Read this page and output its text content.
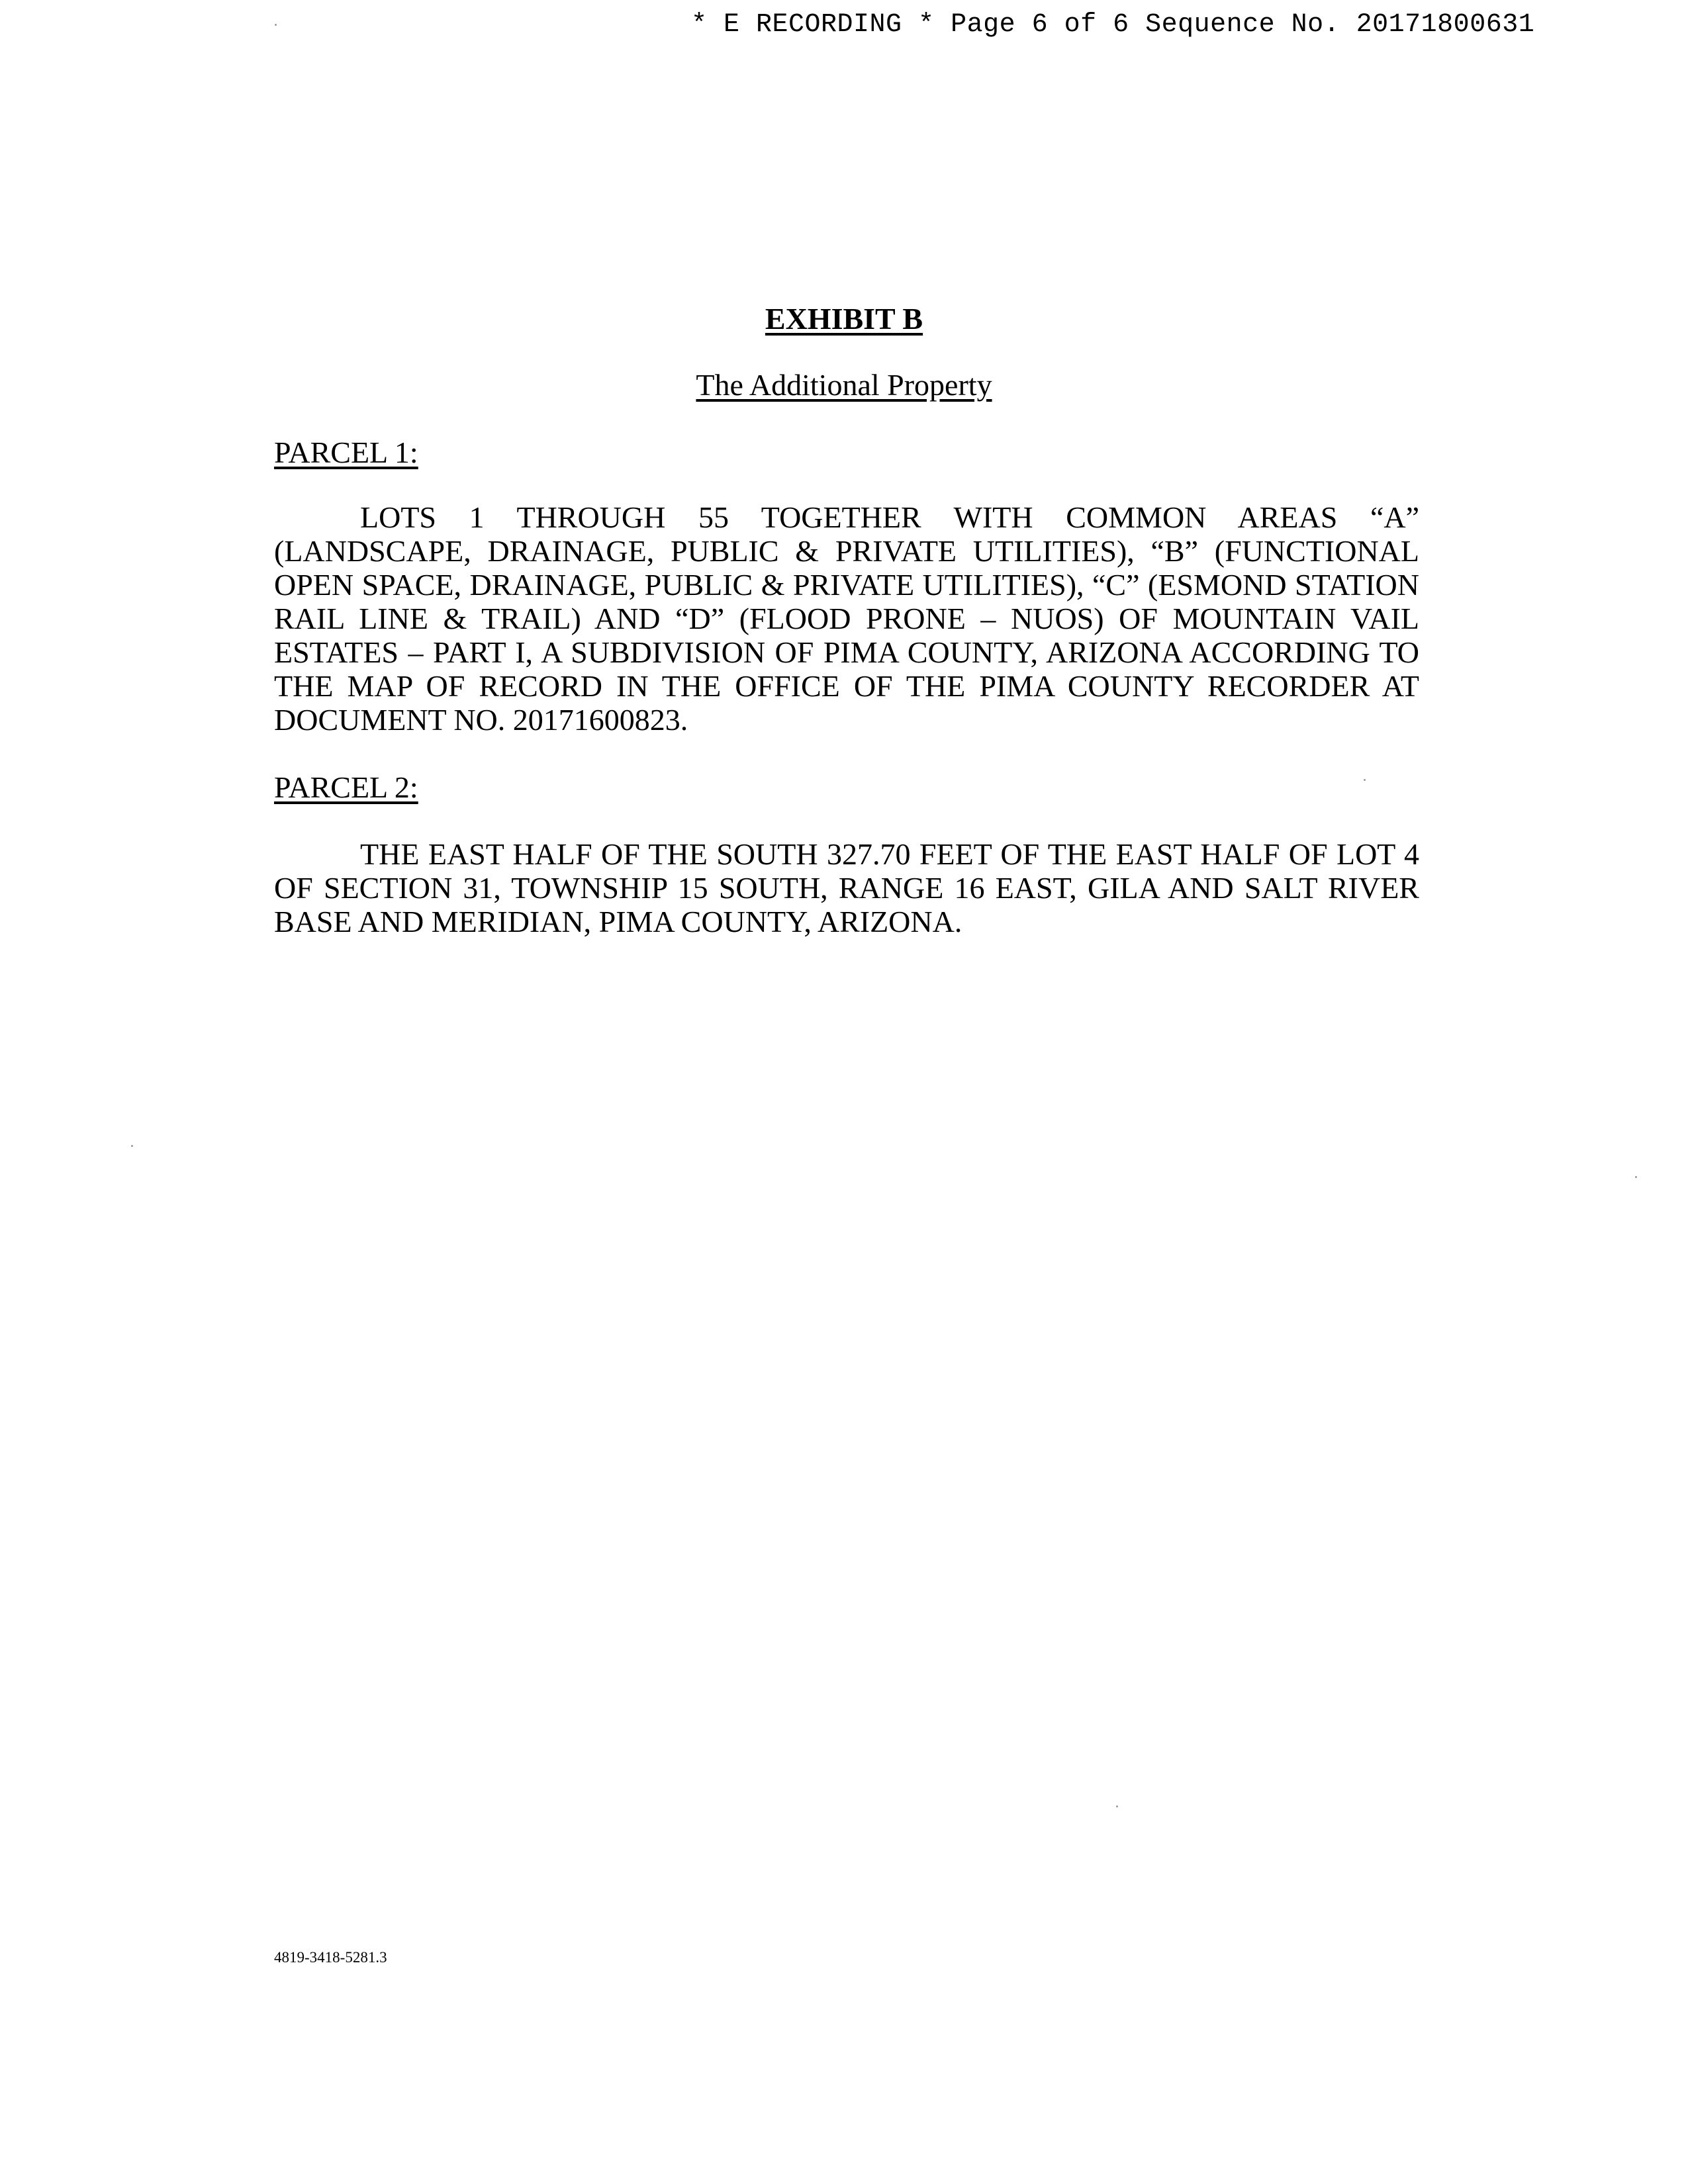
* E RECORDING * Page 6 of 6 Sequence No. 20171800631
EXHIBIT B
The Additional Property
PARCEL 1:

LOTS 1 THROUGH 55 TOGETHER WITH COMMON AREAS “A” (LANDSCAPE, DRAINAGE, PUBLIC & PRIVATE UTILITIES), “B” (FUNCTIONAL OPEN SPACE, DRAINAGE, PUBLIC & PRIVATE UTILITIES), “C” (ESMOND STATION RAIL LINE & TRAIL) AND “D” (FLOOD PRONE – NUOS) OF MOUNTAIN VAIL ESTATES – PART I, A SUBDIVISION OF PIMA COUNTY, ARIZONA ACCORDING TO THE MAP OF RECORD IN THE OFFICE OF THE PIMA COUNTY RECORDER AT DOCUMENT NO. 20171600823.

PARCEL 2:

THE EAST HALF OF THE SOUTH 327.70 FEET OF THE EAST HALF OF LOT 4 OF SECTION 31, TOWNSHIP 15 SOUTH, RANGE 16 EAST, GILA AND SALT RIVER BASE AND MERIDIAN, PIMA COUNTY, ARIZONA.

4819-3418-5281.3
